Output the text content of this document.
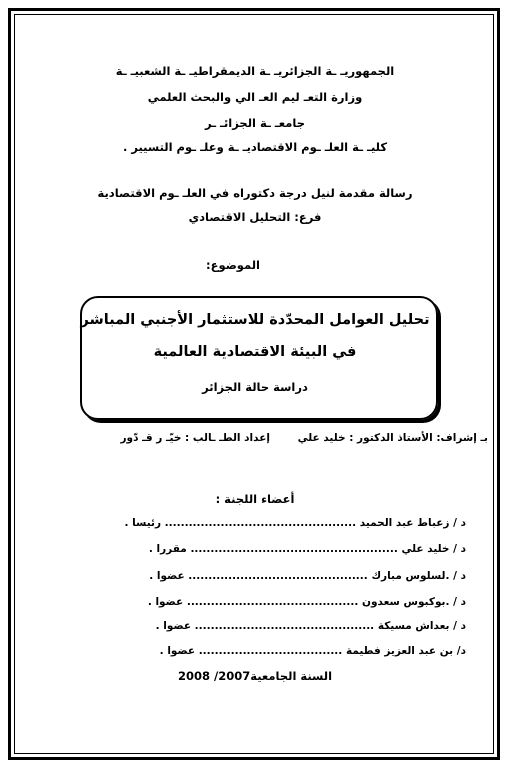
الجمهوريـ ـة الجزائريـ ـة الديمقراطيـ ـة الشعبيـ ـة
وزارة التعـ ليم العـ الي والبحث العلمي
جامعـ ـة الجزائـ ـر
كليـ ـة العلـ ـوم الاقتصاديـ ـة وعلـ ـوم التسيير .
رسالة مقدمة لنيل درجة دكتوراه في العلـ ـوم الاقتصادية
فرع: التحليل الاقتصادي
الموضوع:
تحليل العوامل المحدّدة للاستثمار الأجنبي المباشر
في البيئة الاقتصادية العالمية
دراسة حالة الجزائر
بـ إشراف: الأستاذ الدكتور : خليد علي
إعداد الطـ ـالب : خيّـ ر قـ دّور
أعضاء اللجنة :
د / زعباط عبد الحميد ................................................ رئيسا .
د / خليد علي .................................................... مقررا .
د / .لسلوس مبارك ............................................. عضوا .
د / .بوكبوس سعدون ........................................... عضوا .
د / بعداش مسيكة ............................................. عضوا .
د/ بن عبد العزيز فطيمة .................................... عضوا .
السنة الجامعية2007/ 2008
